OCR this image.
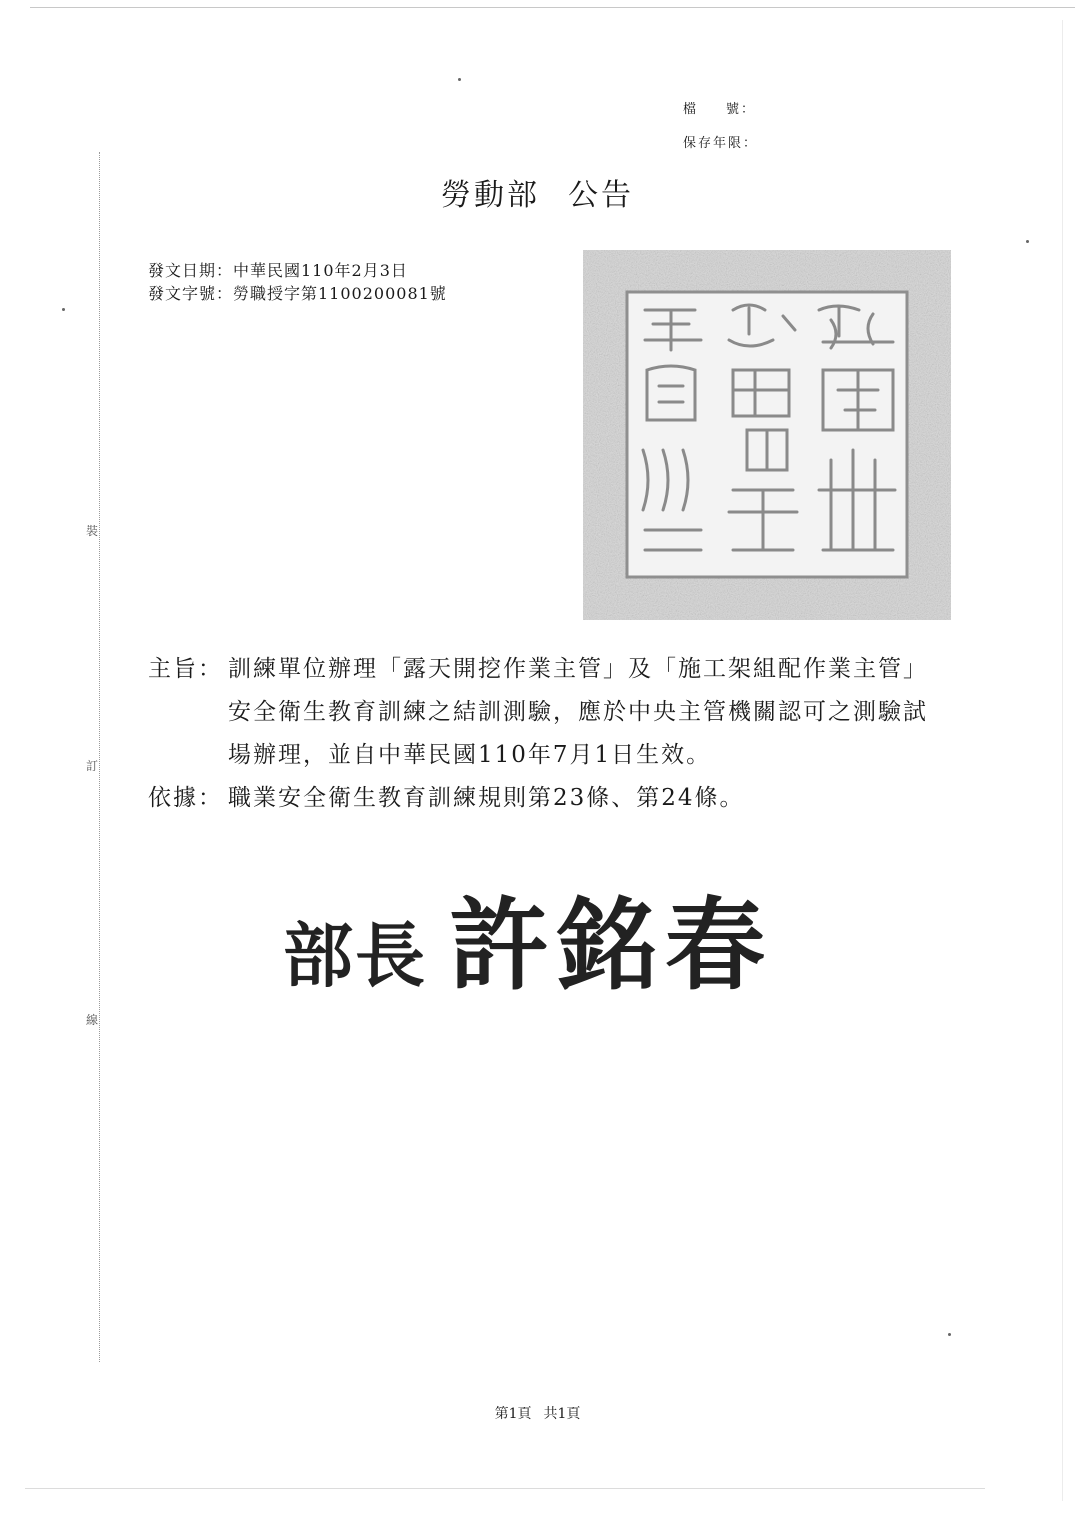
裝
訂
線
檔 號：
保存年限：
勞動部 公告
發文日期：中華民國110年2月3日
發文字號：勞職授字第1100200081號
主旨： 訓練單位辦理「露天開挖作業主管」及「施工架組配作業主管」安全衛生教育訓練之結訓測驗，應於中央主管機關認可之測驗試場辦理，並自中華民國110年7月1日生效。
依據： 職業安全衛生教育訓練規則第23條、第24條。
部長 許銘春
第1頁 共1頁
